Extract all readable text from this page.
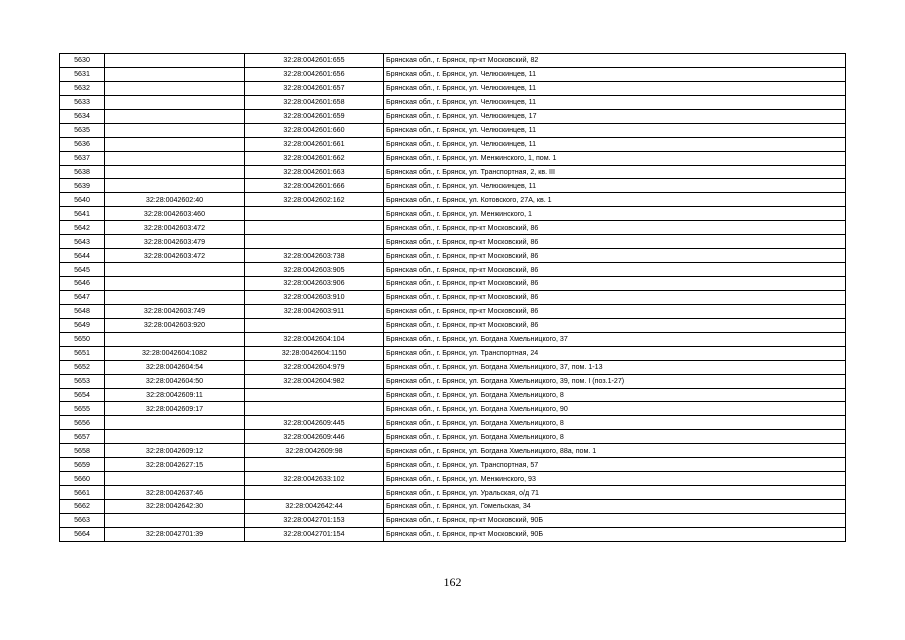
5630		32:28:0042601:655	Брянская обл., г. Брянск, пр-кт Московский, 82
5631		32:28:0042601:656	Брянская обл., г. Брянск, ул. Челюскинцев, 11
5632		32:28:0042601:657	Брянская обл., г. Брянск, ул. Челюскинцев, 11
5633		32:28:0042601:658	Брянская обл., г. Брянск, ул. Челюскинцев, 11
5634		32:28:0042601:659	Брянская обл., г. Брянск, ул. Челюскинцев, 17
5635		32:28:0042601:660	Брянская обл., г. Брянск, ул. Челюскинцев, 11
5636		32:28:0042601:661	Брянская обл., г. Брянск, ул. Челюскинцев, 11
5637		32:28:0042601:662	Брянская обл., г. Брянск, ул. Менжинского, 1, пом. 1
5638		32:28:0042601:663	Брянская обл., г. Брянск, ул. Транспортная, 2, кв. III
5639		32:28:0042601:666	Брянская обл., г. Брянск, ул. Челюскинцев, 11
5640	32:28:0042602:40	32:28:0042602:162	Брянская обл., г. Брянск, ул. Котовского, 27А, кв. 1
5641	32:28:0042603:460		Брянская обл., г. Брянск, ул. Менжинского, 1
5642	32:28:0042603:472		Брянская обл., г. Брянск, пр-кт Московский, 86
5643	32:28:0042603:479		Брянская обл., г. Брянск, пр-кт Московский, 86
5644	32:28:0042603:472	32:28:0042603:738	Брянская обл., г. Брянск, пр-кт Московский, 86
5645		32:28:0042603:905	Брянская обл., г. Брянск, пр-кт Московский, 86
5646		32:28:0042603:906	Брянская обл., г. Брянск, пр-кт Московский, 86
5647		32:28:0042603:910	Брянская обл., г. Брянск, пр-кт Московский, 86
5648	32:28:0042603:749	32:28:0042603:911	Брянская обл., г. Брянск, пр-кт Московский, 86
5649	32:28:0042603:920		Брянская обл., г. Брянск, пр-кт Московский, 86
5650		32:28:0042604:104	Брянская обл., г. Брянск, ул. Богдана Хмельницкого, 37
5651	32:28:0042604:1082	32:28:0042604:1150	Брянская обл., г. Брянск, ул. Транспортная, 24
5652	32:28:0042604:54	32:28:0042604:979	Брянская обл., г. Брянск, ул. Богдана Хмельницкого, 37, пом. 1-13
5653	32:28:0042604:50	32:28:0042604:982	Брянская обл., г. Брянск, ул. Богдана Хмельницкого, 39, пом. I (поз.1-27)
5654	32:28:0042609:11		Брянская обл., г. Брянск, ул. Богдана Хмельницкого, 8
5655	32:28:0042609:17		Брянская обл., г. Брянск, ул. Богдана Хмельницкого, 90
5656		32:28:0042609:445	Брянская обл., г. Брянск, ул. Богдана Хмельницкого, 8
5657		32:28:0042609:446	Брянская обл., г. Брянск, ул. Богдана Хмельницкого, 8
5658	32:28:0042609:12	32:28:0042609:98	Брянская обл., г. Брянск, ул. Богдана Хмельницкого, 88а, пом. 1
5659	32:28:0042627:15		Брянская обл., г. Брянск, ул. Транспортная, 57
5660		32:28:0042633:102	Брянская обл., г. Брянск, ул. Менжинского, 93
5661	32:28:0042637:46		Брянская обл., г. Брянск, ул. Уральская, о/д 71
5662	32:28:0042642:30	32:28:0042642:44	Брянская обл., г. Брянск, ул. Гомельская, 34
5663		32:28:0042701:153	Брянская обл., г. Брянск, пр-кт Московский, 90Б
5664	32:28:0042701:39	32:28:0042701:154	Брянская обл., г. Брянск, пр-кт Московский, 90Б
162
